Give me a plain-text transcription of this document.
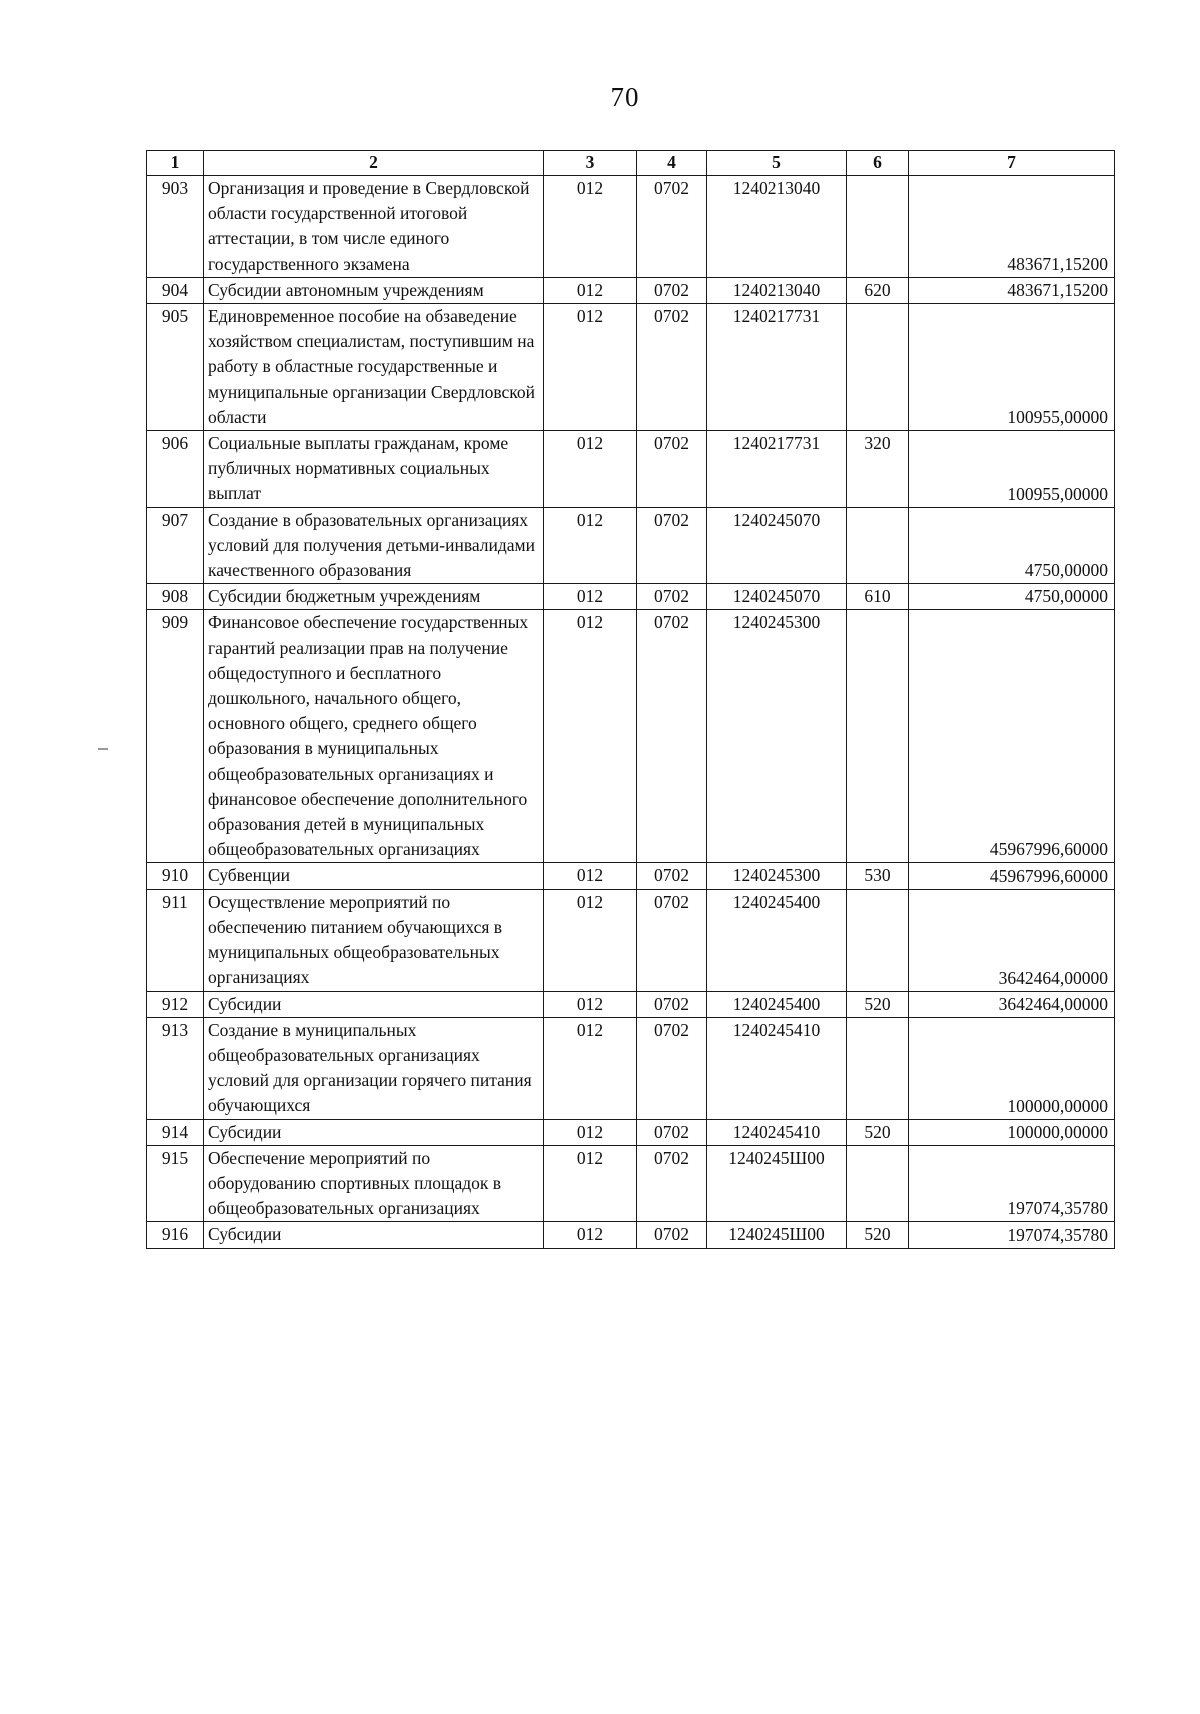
70
1	2	3	4	5	6	7
903	Организация и проведение в Свердловской области государственной итоговой аттестации, в том числе единого государственного экзамена	012	0702	1240213040		483671,15200
904	Субсидии автономным учреждениям	012	0702	1240213040	620	483671,15200
905	Единовременное пособие на обзаведение хозяйством специалистам, поступившим на работу в областные государственные и муниципальные организации Свердловской области	012	0702	1240217731		100955,00000
906	Социальные выплаты гражданам, кроме публичных нормативных социальных выплат	012	0702	1240217731	320	100955,00000
907	Создание в образовательных организациях условий для получения детьми-инвалидами качественного образования	012	0702	1240245070		4750,00000
908	Субсидии бюджетным учреждениям	012	0702	1240245070	610	4750,00000
909	Финансовое обеспечение государственных гарантий реализации прав на получение общедоступного и бесплатного дошкольного, начального общего, основного общего, среднего общего образования в муниципальных общеобразовательных организациях и финансовое обеспечение дополнительного образования детей в муниципальных общеобразовательных организациях	012	0702	1240245300		45967996,60000
910	Субвенции	012	0702	1240245300	530	45967996,60000
911	Осуществление мероприятий по обеспечению питанием обучающихся в муниципальных общеобразовательных организациях	012	0702	1240245400		3642464,00000
912	Субсидии	012	0702	1240245400	520	3642464,00000
913	Создание в муниципальных общеобразовательных организациях условий для организации горячего питания обучающихся	012	0702	1240245410		100000,00000
914	Субсидии	012	0702	1240245410	520	100000,00000
915	Обеспечение мероприятий по оборудованию спортивных площадок в общеобразовательных организациях	012	0702	1240245Ш00		197074,35780
916	Субсидии	012	0702	1240245Ш00	520	197074,35780
